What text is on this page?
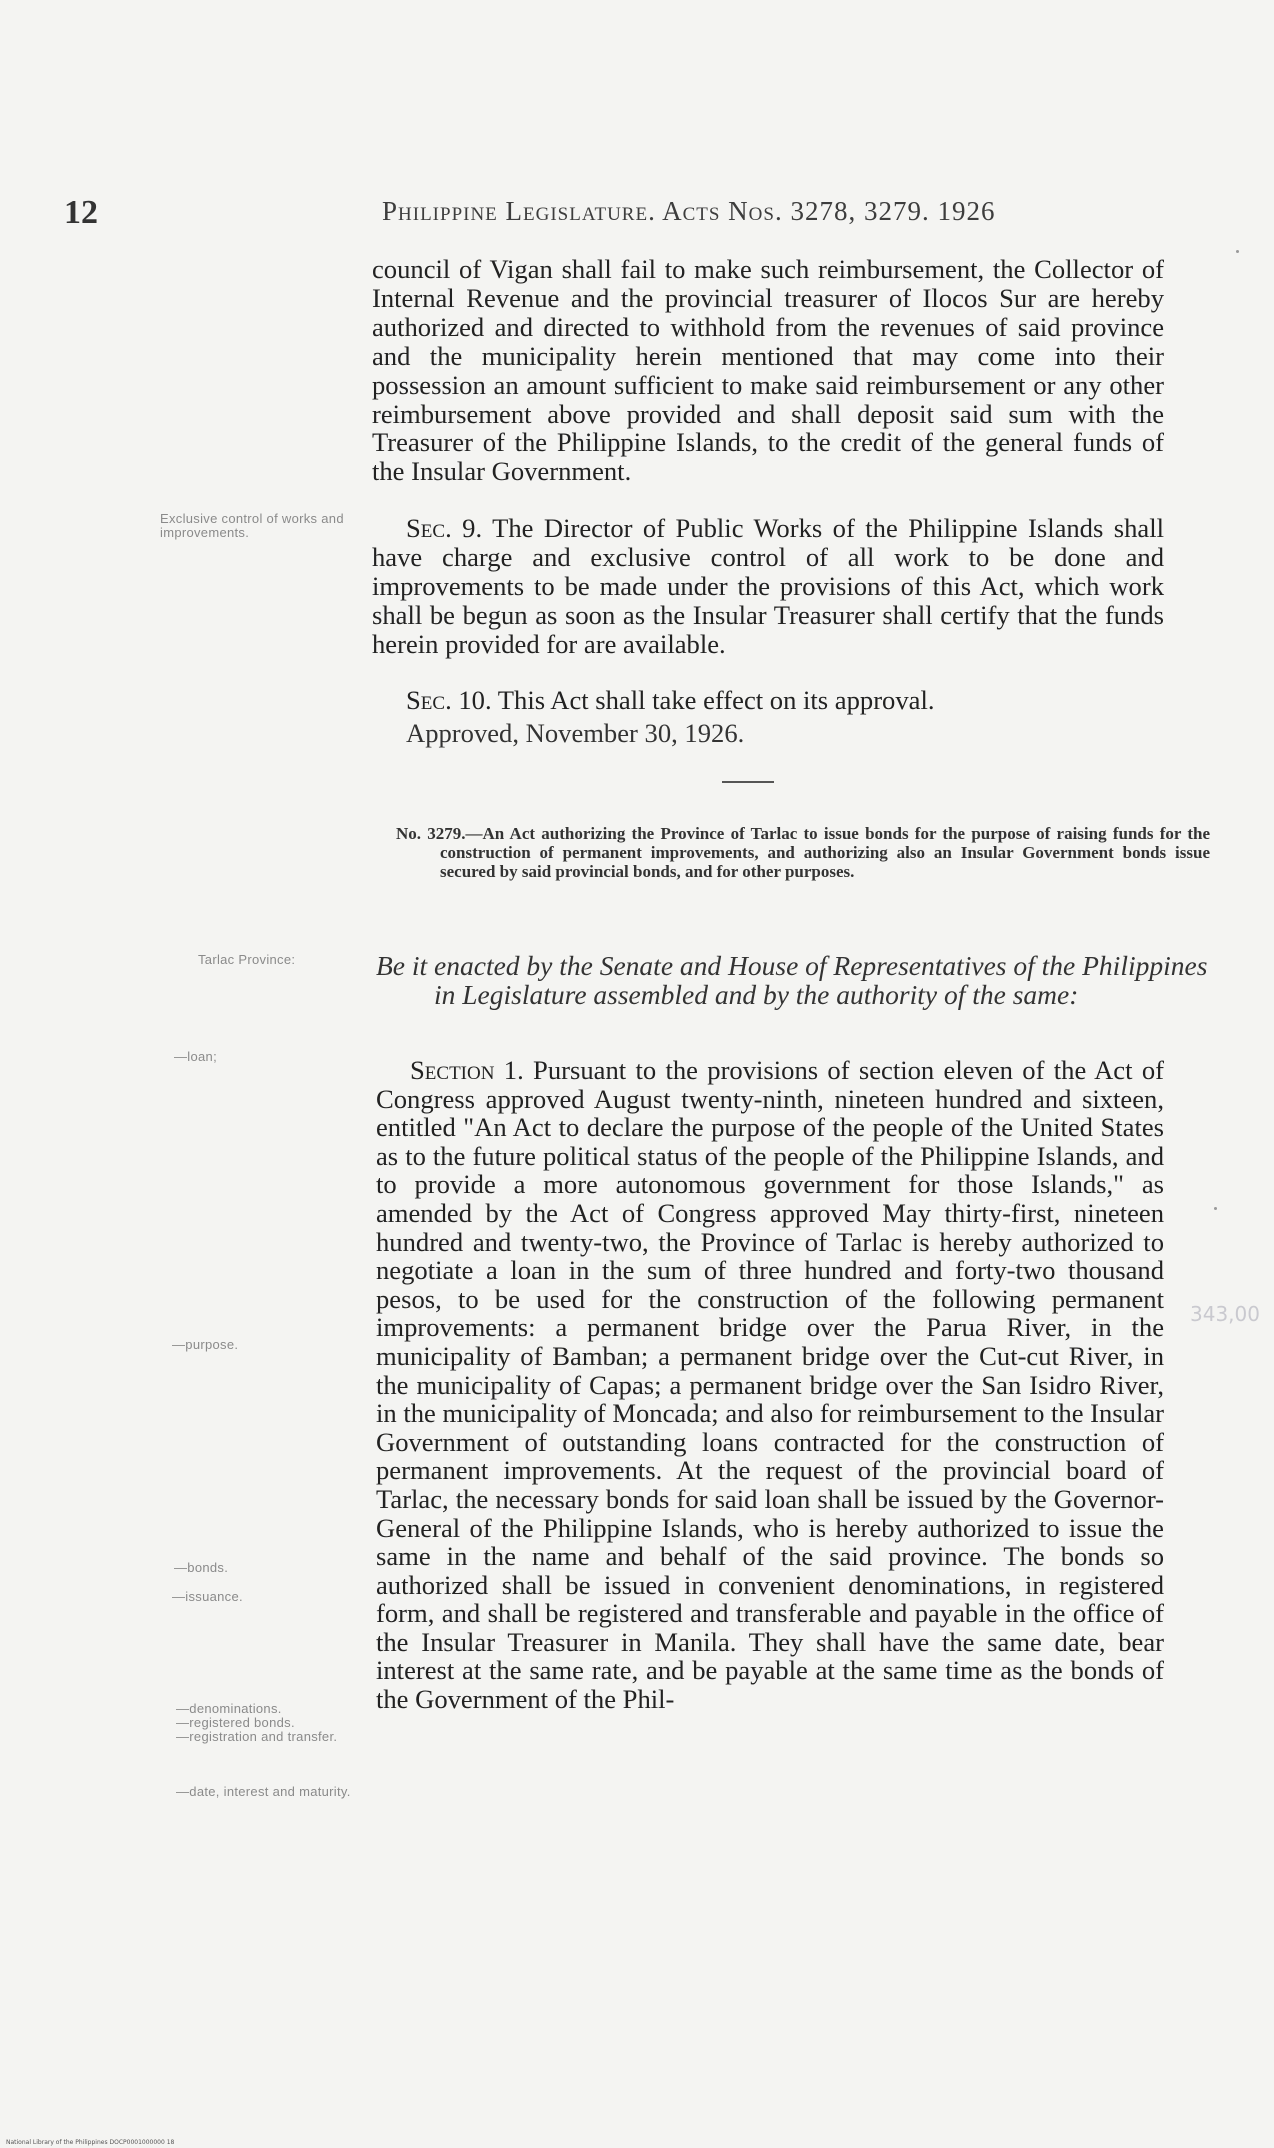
12	Philippine Legislature. Acts Nos. 3278, 3279. 1926
council of Vigan shall fail to make such reimbursement, the Collector of Internal Revenue and the provincial treasurer of Ilocos Sur are hereby authorized and directed to withhold from the revenues of said province and the municipality herein mentioned that may come into their possession an amount sufficient to make said reimbursement or any other reimbursement above provided and shall deposit said sum with the Treasurer of the Philippine Islands, to the credit of the general funds of the Insular Government.
Sec. 9. The Director of Public Works of the Philippine Islands shall have charge and exclusive control of all work to be done and improvements to be made under the provisions of this Act, which work shall be begun as soon as the Insular Treasurer shall certify that the funds herein provided for are available.
Sec. 10. This Act shall take effect on its approval.
Approved, November 30, 1926.
No. 3279.—An Act authorizing the Province of Tarlac to issue bonds for the purpose of raising funds for the construction of permanent improvements, and authorizing also an Insular Government bonds issue secured by said provincial bonds, and for other purposes.
Be it enacted by the Senate and House of Representatives of the Philippines in Legislature assembled and by the authority of the same:
Section 1. Pursuant to the provisions of section eleven of the Act of Congress approved August twenty-ninth, nineteen hundred and sixteen, entitled "An Act to declare the purpose of the people of the United States as to the future political status of the people of the Philippine Islands, and to provide a more autonomous government for those Islands," as amended by the Act of Congress approved May thirty-first, nineteen hundred and twenty-two, the Province of Tarlac is hereby authorized to negotiate a loan in the sum of three hundred and forty-two thousand pesos, to be used for the construction of the following permanent improvements: a permanent bridge over the Parua River, in the municipality of Bamban; a permanent bridge over the Cut-cut River, in the municipality of Capas; a permanent bridge over the San Isidro River, in the municipality of Moncada; and also for reimbursement to the Insular Government of outstanding loans contracted for the construction of permanent improvements. At the request of the provincial board of Tarlac, the necessary bonds for said loan shall be issued by the Governor-General of the Philippine Islands, who is hereby authorized to issue the same in the name and behalf of the said province. The bonds so authorized shall be issued in convenient denominations, in registered form, and shall be registered and transferable and payable in the office of the Insular Treasurer in Manila. They shall have the same date, bear interest at the same rate, and be payable at the same time as the bonds of the Government of the Phil-
Exclusive control of works and improvements.
Tarlac Province:
—loan;
—purpose.
—bonds.
—issuance.
—denominations.
—registered bonds.
—registration and transfer.
—date, interest and maturity.
343,00
National Library of the Philippines DOCP0001000000 18
